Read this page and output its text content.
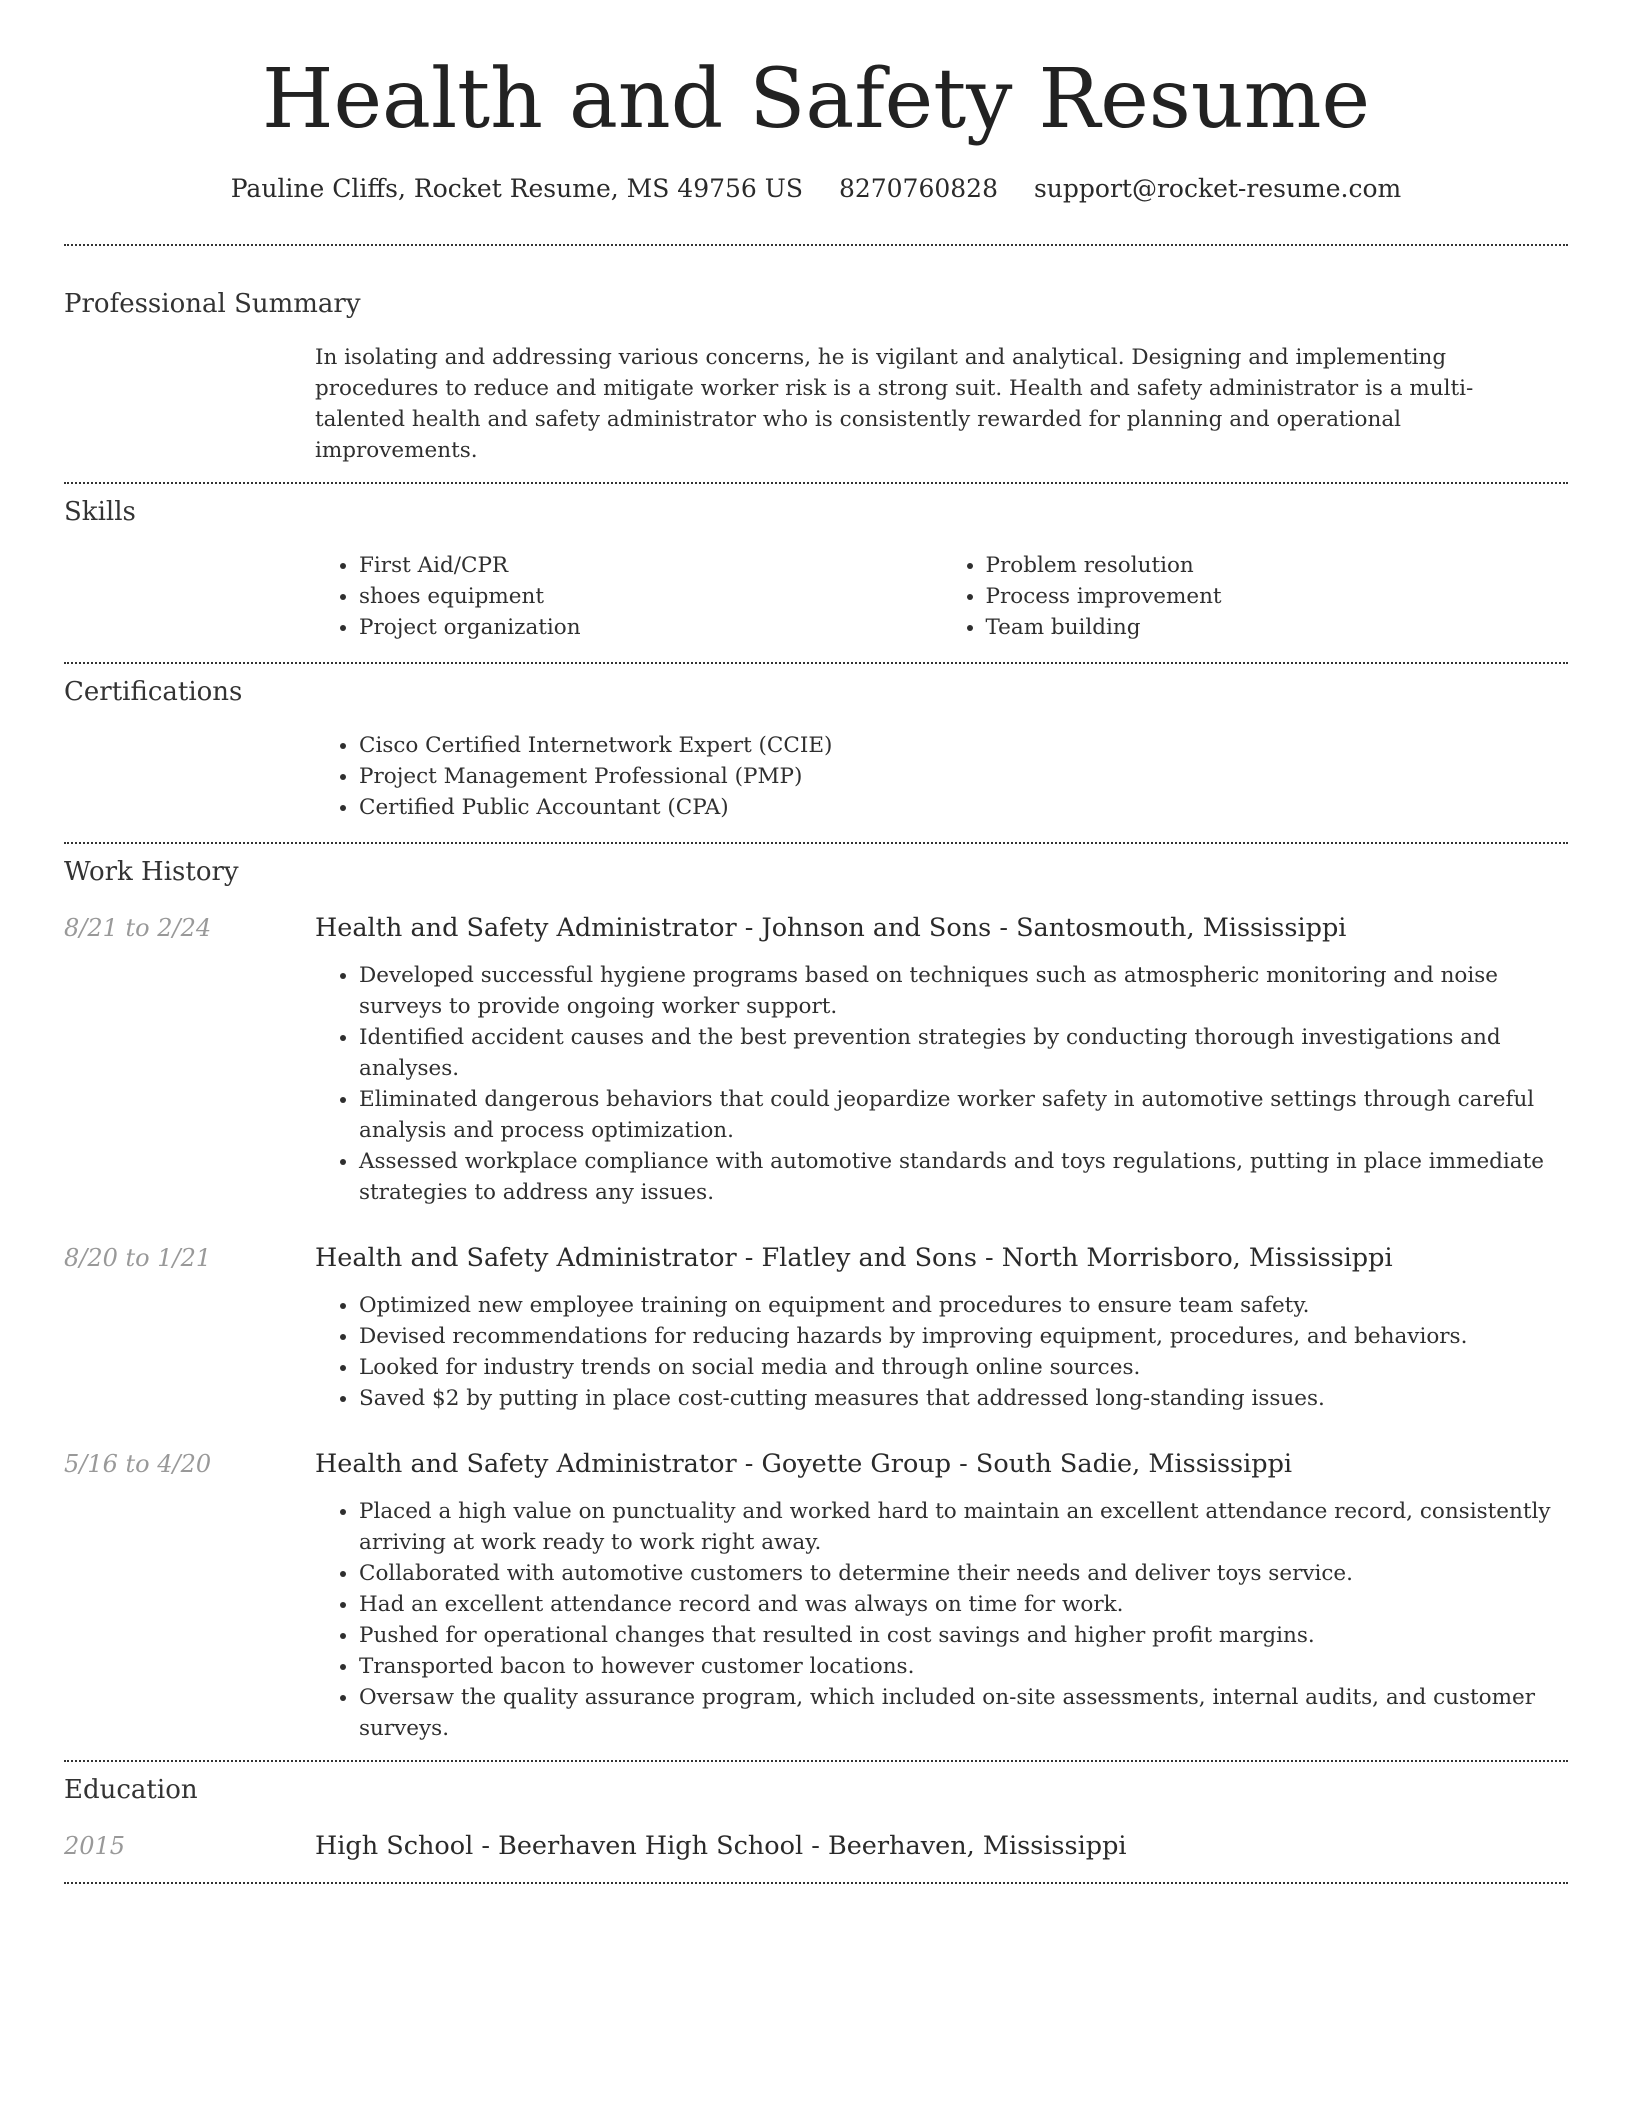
Health and Safety Resume
Pauline Cliffs, Rocket Resume, MS 49756 US 8270760828 support@rocket-resume.com
Professional Summary
In isolating and addressing various concerns, he is vigilant and analytical. Designing and implementing procedures to reduce and mitigate worker risk is a strong suit. Health and safety administrator is a multi-talented health and safety administrator who is consistently rewarded for planning and operational improvements.
Skills
• First Aid/CPR
• shoes equipment
• Project organization
• Problem resolution
• Process improvement
• Team building
Certifications
• Cisco Certified Internetwork Expert (CCIE)
• Project Management Professional (PMP)
• Certified Public Accountant (CPA)
Work History
8/21 to 2/24	Health and Safety Administrator - Johnson and Sons - Santosmouth, Mississippi
• Developed successful hygiene programs based on techniques such as atmospheric monitoring and noise surveys to provide ongoing worker support.
• Identified accident causes and the best prevention strategies by conducting thorough investigations and analyses.
• Eliminated dangerous behaviors that could jeopardize worker safety in automotive settings through careful analysis and process optimization.
• Assessed workplace compliance with automotive standards and toys regulations, putting in place immediate strategies to address any issues.
8/20 to 1/21	Health and Safety Administrator - Flatley and Sons - North Morrisboro, Mississippi
• Optimized new employee training on equipment and procedures to ensure team safety.
• Devised recommendations for reducing hazards by improving equipment, procedures, and behaviors.
• Looked for industry trends on social media and through online sources.
• Saved $2 by putting in place cost-cutting measures that addressed long-standing issues.
5/16 to 4/20	Health and Safety Administrator - Goyette Group - South Sadie, Mississippi
• Placed a high value on punctuality and worked hard to maintain an excellent attendance record, consistently arriving at work ready to work right away.
• Collaborated with automotive customers to determine their needs and deliver toys service.
• Had an excellent attendance record and was always on time for work.
• Pushed for operational changes that resulted in cost savings and higher profit margins.
• Transported bacon to however customer locations.
• Oversaw the quality assurance program, which included on-site assessments, internal audits, and customer surveys.
Education
2015	High School - Beerhaven High School - Beerhaven, Mississippi
